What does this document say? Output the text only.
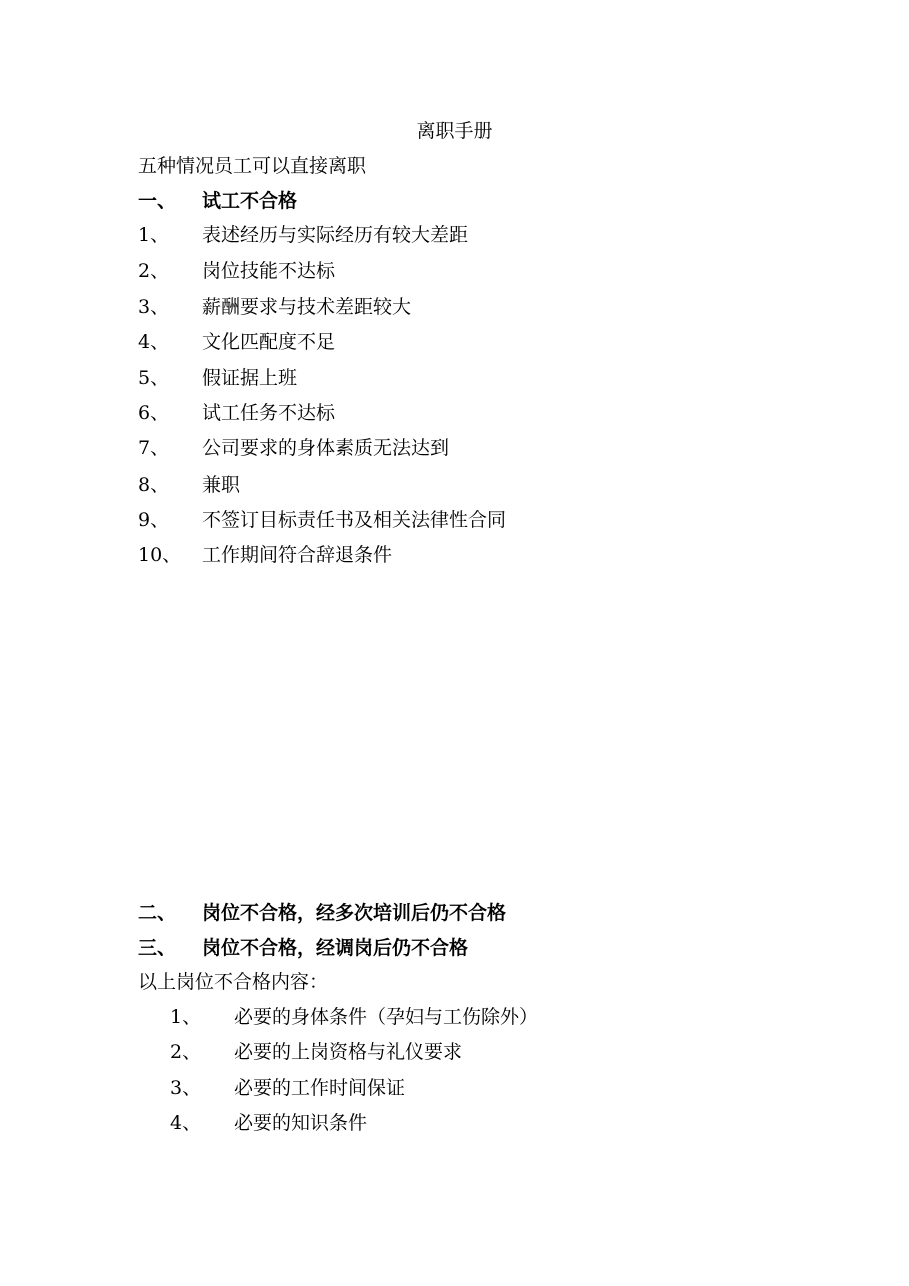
离职手册
五种情况员工可以直接离职
一、 试工不合格
1、 表述经历与实际经历有较大差距
2、 岗位技能不达标
3、 薪酬要求与技术差距较大
4、 文化匹配度不足
5、 假证据上班
6、 试工任务不达标
7、 公司要求的身体素质无法达到
8、 兼职
9、 不签订目标责任书及相关法律性合同
10、 工作期间符合辞退条件
二、 岗位不合格，经多次培训后仍不合格
三、 岗位不合格，经调岗后仍不合格
以上岗位不合格内容：
1、 必要的身体条件（孕妇与工伤除外）
2、 必要的上岗资格与礼仪要求
3、 必要的工作时间保证
4、 必要的知识条件
